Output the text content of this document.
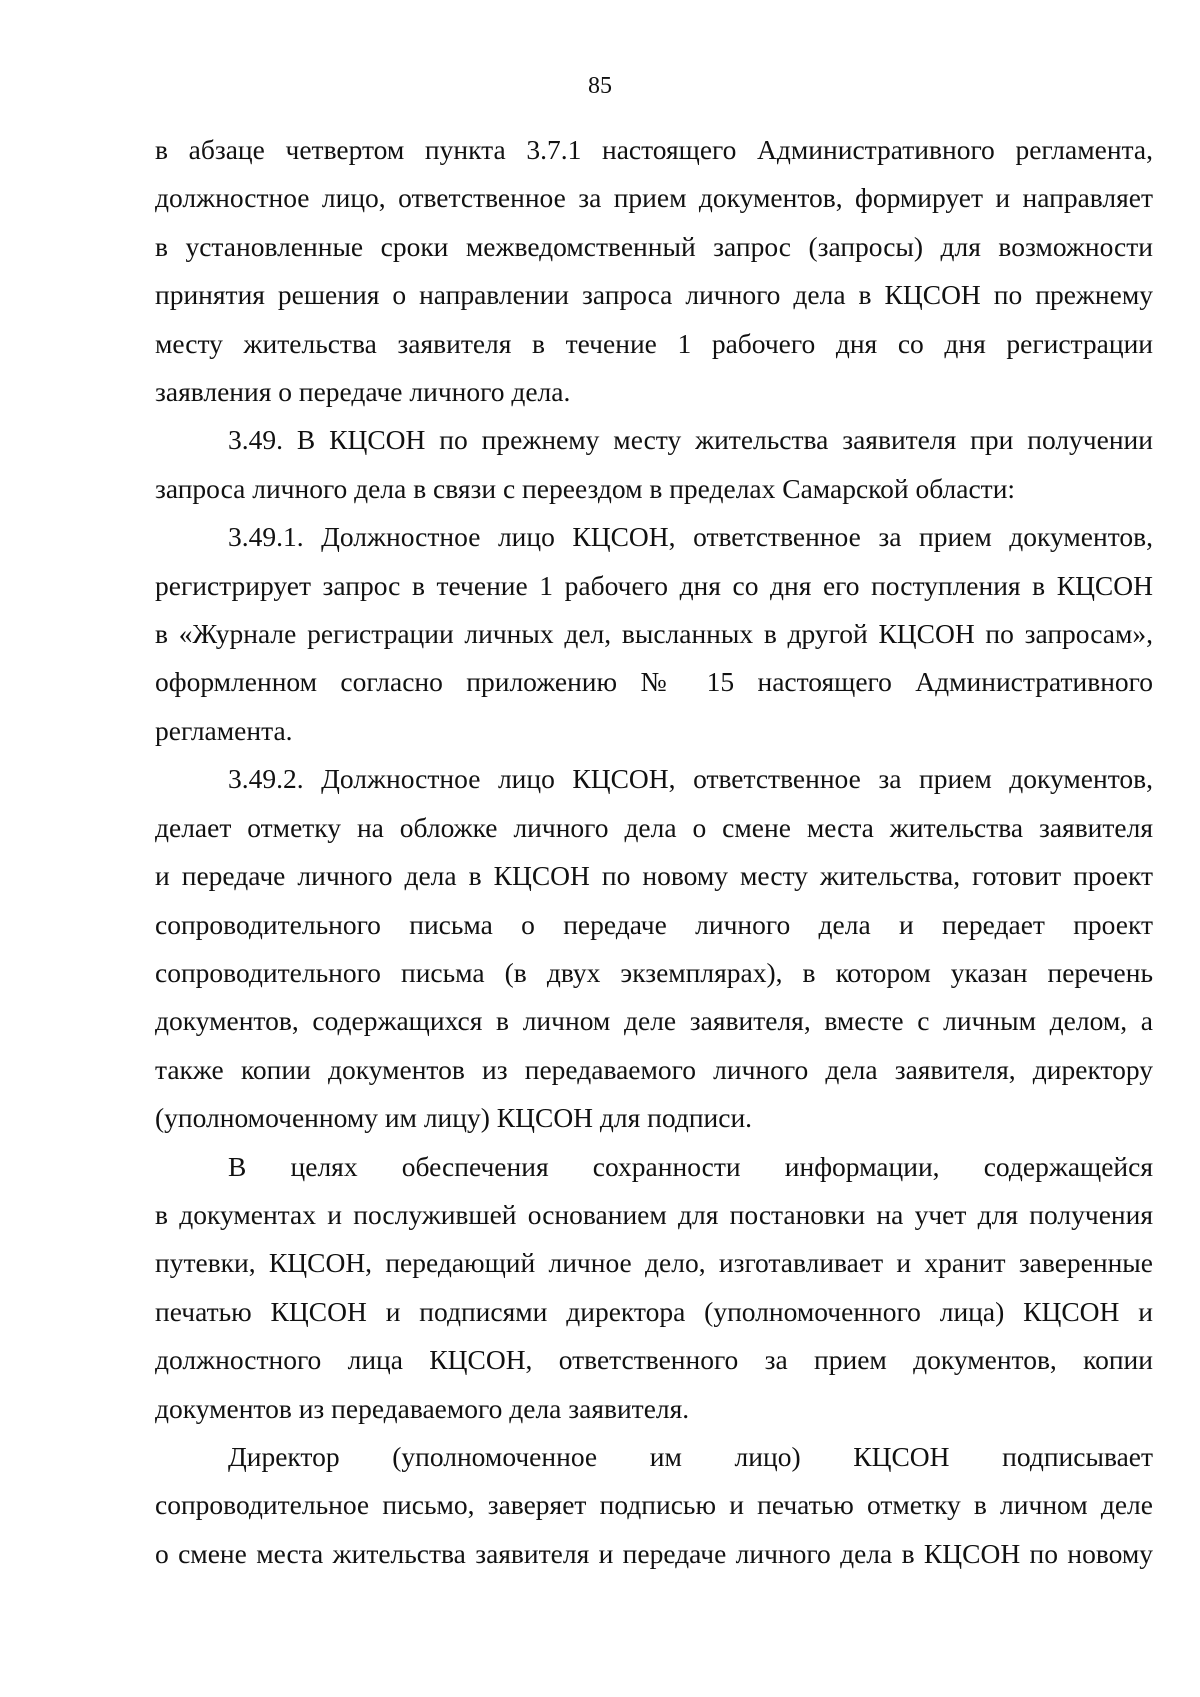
85
в абзаце четвертом пункта 3.7.1 настоящего Административного регламента,
должностное лицо, ответственное за прием документов, формирует и направляет
в установленные сроки межведомственный запрос (запросы) для возможности
принятия решения о направлении запроса личного дела в КЦСОН по прежнему
месту жительства заявителя в течение 1 рабочего дня со дня регистрации
заявления о передаче личного дела.
3.49. В КЦСОН по прежнему месту жительства заявителя при получении
запроса личного дела в связи с переездом в пределах Самарской области:
3.49.1. Должностное лицо КЦСОН, ответственное за прием документов,
регистрирует запрос в течение 1 рабочего дня со дня его поступления в КЦСОН
в «Журнале регистрации личных дел, высланных в другой КЦСОН по запросам»,
оформленном согласно приложению № 15 настоящего Административного
регламента.
3.49.2. Должностное лицо КЦСОН, ответственное за прием документов,
делает отметку на обложке личного дела о смене места жительства заявителя
и передаче личного дела в КЦСОН по новому месту жительства, готовит проект
сопроводительного письма о передаче личного дела и передает проект
сопроводительного письма (в двух экземплярах), в котором указан перечень
документов, содержащихся в личном деле заявителя, вместе с личным делом, а
также копии документов из передаваемого личного дела заявителя, директору
(уполномоченному им лицу) КЦСОН для подписи.
В целях обеспечения сохранности информации, содержащейся
в документах и послужившей основанием для постановки на учет для получения
путевки, КЦСОН, передающий личное дело, изготавливает и хранит заверенные
печатью КЦСОН и подписями директора (уполномоченного лица) КЦСОН и
должностного лица КЦСОН, ответственного за прием документов, копии
документов из передаваемого дела заявителя.
Директор (уполномоченное им лицо) КЦСОН подписывает
сопроводительное письмо, заверяет подписью и печатью отметку в личном деле
о смене места жительства заявителя и передаче личного дела в КЦСОН по новому
